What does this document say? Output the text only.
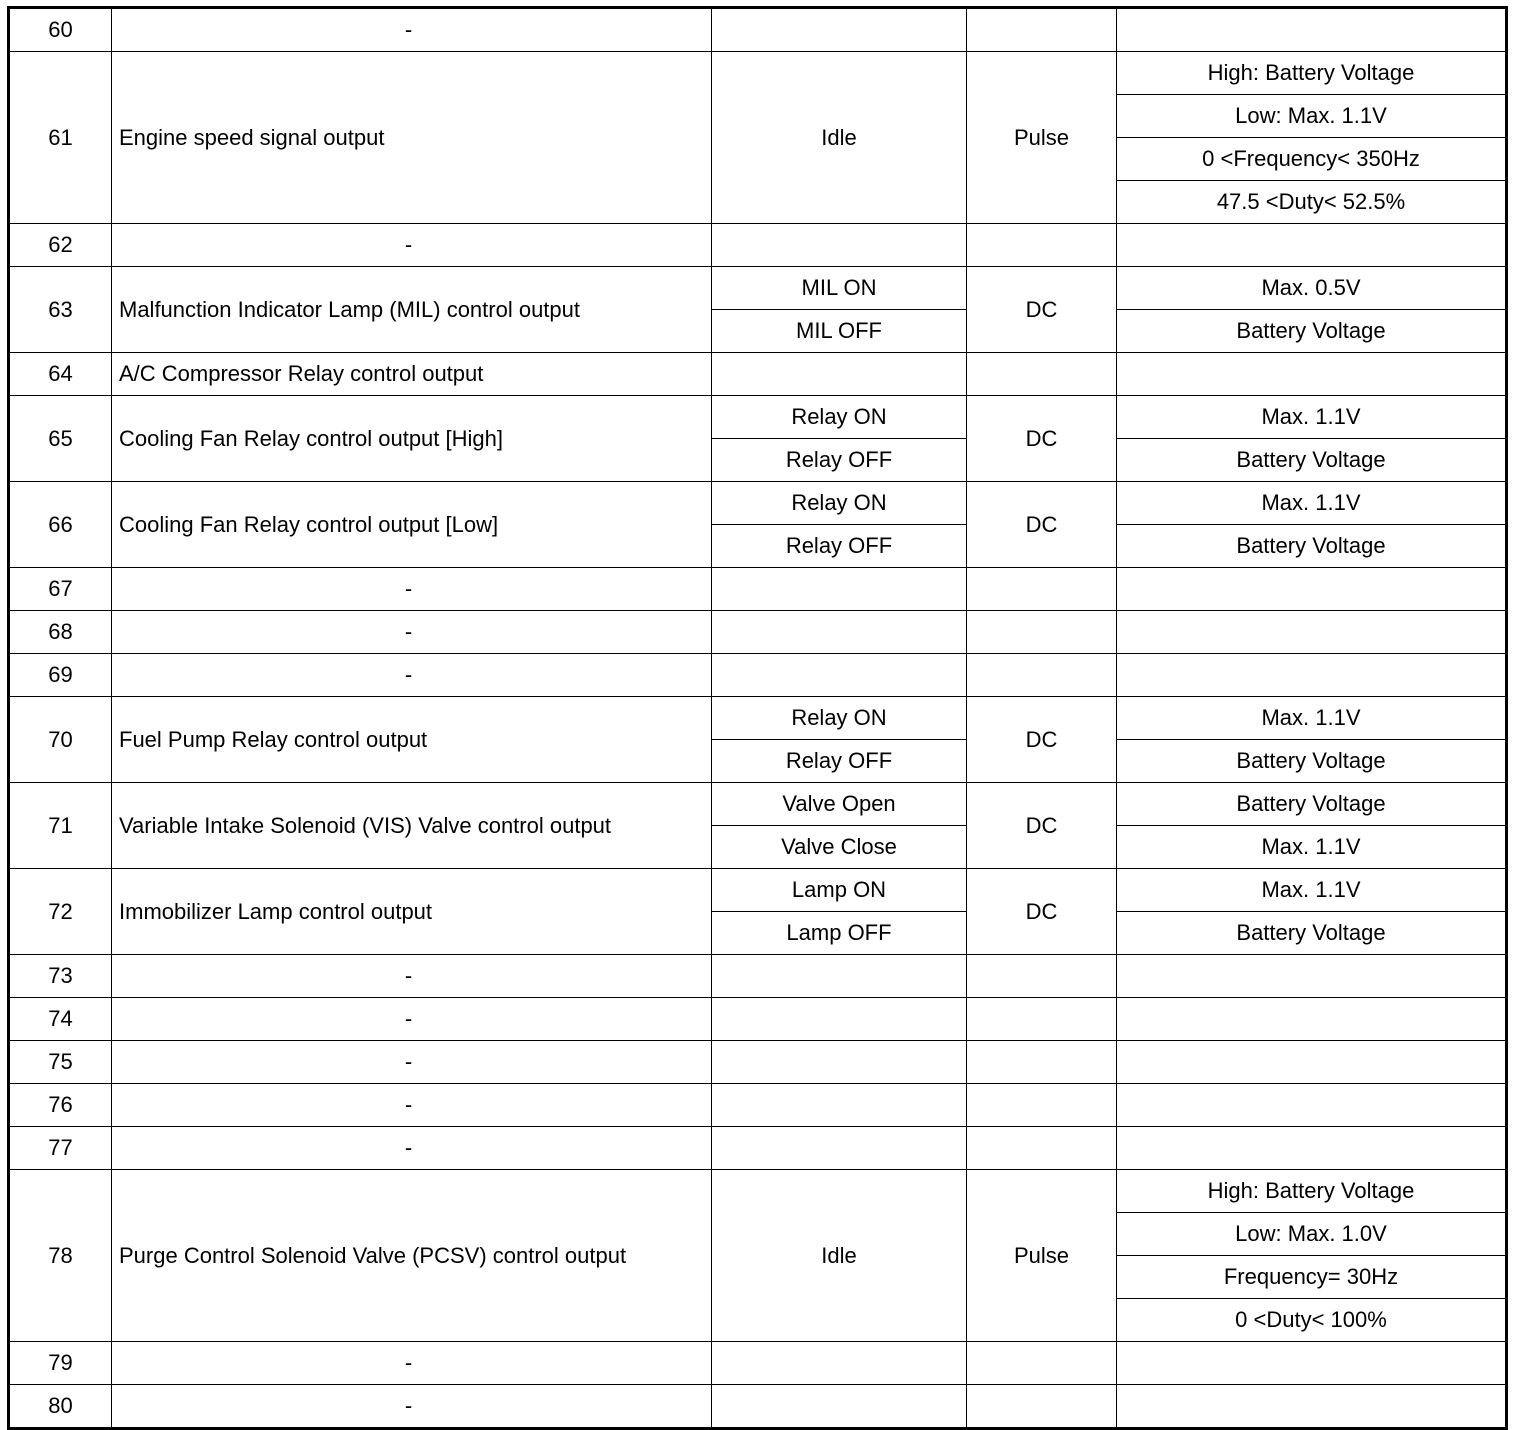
60	-			
61	Engine speed signal output	Idle	Pulse	High: Battery Voltage
				Low: Max. 1.1V
				0 <Frequency< 350Hz
				47.5 <Duty< 52.5%
62	-			
63	Malfunction Indicator Lamp (MIL) control output	MIL ON	DC	Max. 0.5V
		MIL OFF		Battery Voltage
64	A/C Compressor Relay control output			
65	Cooling Fan Relay control output [High]	Relay ON	DC	Max. 1.1V
		Relay OFF		Battery Voltage
66	Cooling Fan Relay control output [Low]	Relay ON	DC	Max. 1.1V
		Relay OFF		Battery Voltage
67	-			
68	-			
69	-			
70	Fuel Pump Relay control output	Relay ON	DC	Max. 1.1V
		Relay OFF		Battery Voltage
71	Variable Intake Solenoid (VIS) Valve control output	Valve Open	DC	Battery Voltage
		Valve Close		Max. 1.1V
72	Immobilizer Lamp control output	Lamp ON	DC	Max. 1.1V
		Lamp OFF		Battery Voltage
73	-			
74	-			
75	-			
76	-			
77	-			
78	Purge Control Solenoid Valve (PCSV) control output	Idle	Pulse	High: Battery Voltage
				Low: Max. 1.0V
				Frequency= 30Hz
				0 <Duty< 100%
79	-			
80	-			
